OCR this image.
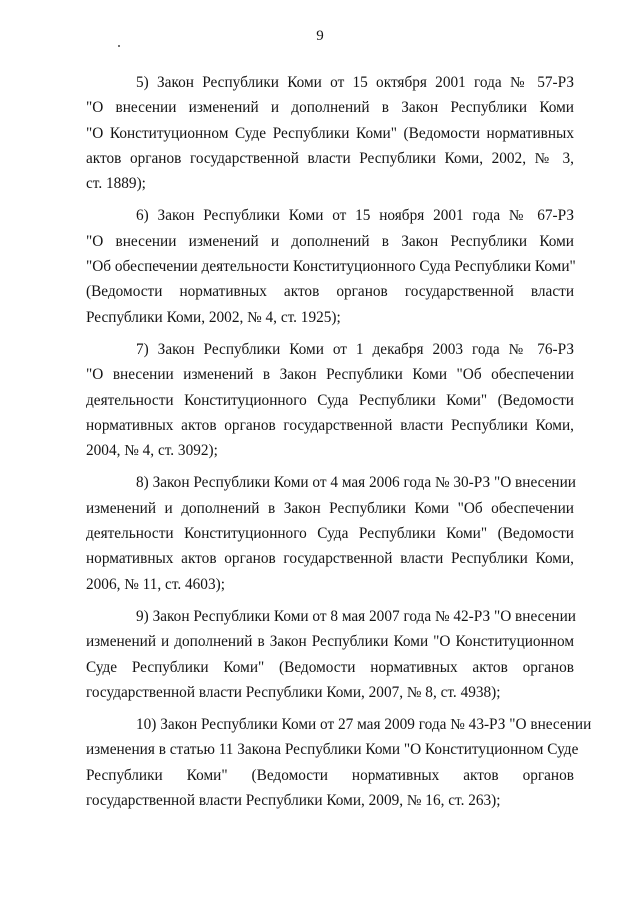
9

5) Закон Республики Коми от 15 октября 2001 года № 57-РЗ
"О внесении изменений и дополнений в Закон Республики Коми
"О Конституционном Суде Республики Коми" (Ведомости нормативных
актов органов государственной власти Республики Коми, 2002, № 3,
ст. 1889);

6) Закон Республики Коми от 15 ноября 2001 года № 67-РЗ
"О внесении изменений и дополнений в Закон Республики Коми
"Об обеспечении деятельности Конституционного Суда Республики Коми"
(Ведомости нормативных актов органов государственной власти
Республики Коми, 2002, № 4, ст. 1925);

7) Закон Республики Коми от 1 декабря 2003 года № 76-РЗ
"О внесении изменений в Закон Республики Коми "Об обеспечении
деятельности Конституционного Суда Республики Коми" (Ведомости
нормативных актов органов государственной власти Республики Коми,
2004, № 4, ст. 3092);

8) Закон Республики Коми от 4 мая 2006 года № 30-РЗ "О внесении
изменений и дополнений в Закон Республики Коми "Об обеспечении
деятельности Конституционного Суда Республики Коми" (Ведомости
нормативных актов органов государственной власти Республики Коми,
2006, № 11, ст. 4603);

9) Закон Республики Коми от 8 мая 2007 года № 42-РЗ "О внесении
изменений и дополнений в Закон Республики Коми "О Конституционном
Суде Республики Коми" (Ведомости нормативных актов органов
государственной власти Республики Коми, 2007, № 8, ст. 4938);

10) Закон Республики Коми от 27 мая 2009 года № 43-РЗ "О внесении
изменения в статью 11 Закона Республики Коми "О Конституционном Суде
Республики Коми" (Ведомости нормативных актов органов
государственной власти Республики Коми, 2009, № 16, ст. 263);
